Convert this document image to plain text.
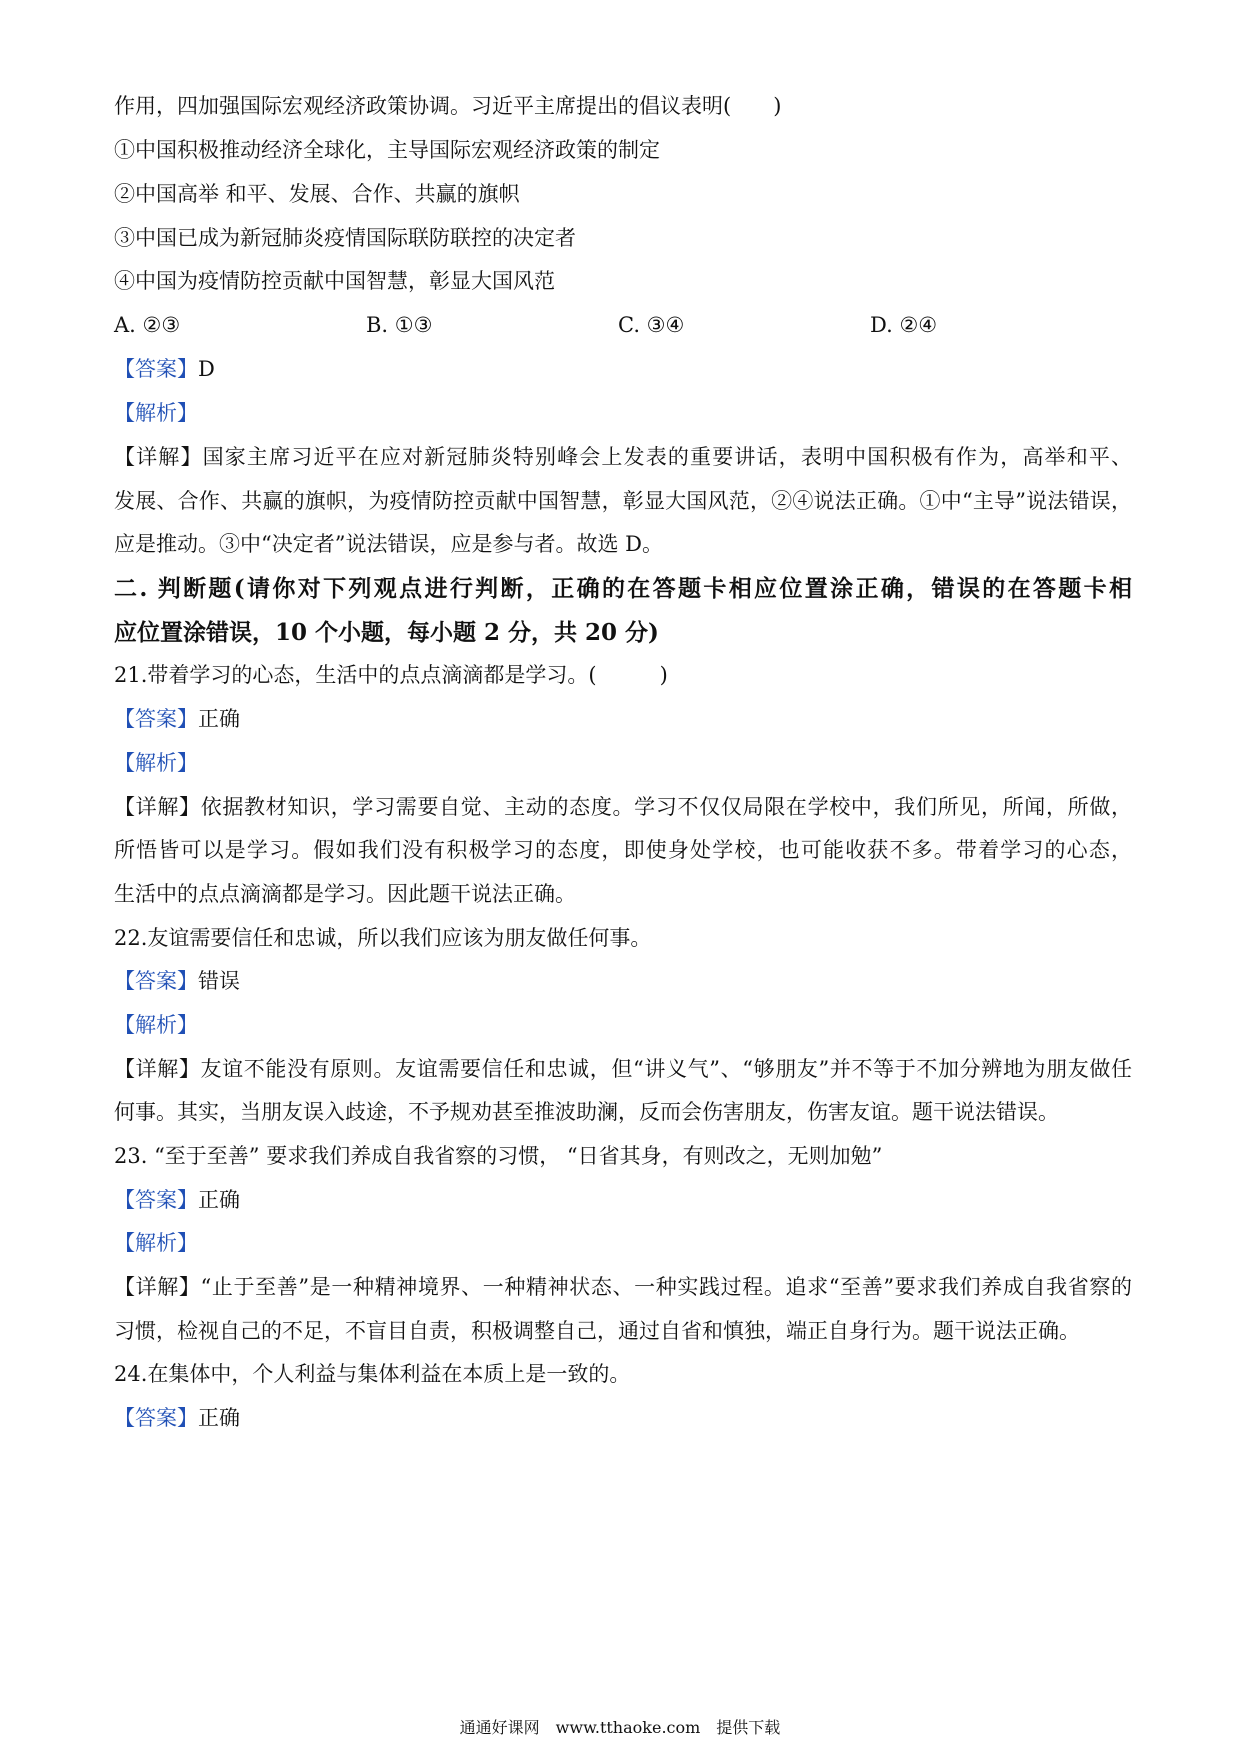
作用，四加强国际宏观经济政策协调。习近平主席提出的倡议表明(　　)
①中国积极推动经济全球化，主导国际宏观经济政策的制定
②中国高举 和平、发展、合作、共赢的旗帜
③中国已成为新冠肺炎疫情国际联防联控的决定者
④中国为疫情防控贡献中国智慧，彰显大国风范
A. ②③	B. ①③	C. ③④	D. ②④
【答案】D
【解析】
【详解】国家主席习近平在应对新冠肺炎特别峰会上发表的重要讲话，表明中国积极有作为，高举和平、
发展、合作、共赢的旗帜，为疫情防控贡献中国智慧，彰显大国风范，②④说法正确。①中“主导”说法错误，
应是推动。③中“决定者”说法错误，应是参与者。故选 D。
二. 判断题(请你对下列观点进行判断，正确的在答题卡相应位置涂正确，错误的在答题卡相
应位置涂错误，10 个小题，每小题 2 分，共 20 分)
21.带着学习的心态，生活中的点点滴滴都是学习。(　　　)
【答案】正确
【解析】
【详解】依据教材知识，学习需要自觉、主动的态度。学习不仅仅局限在学校中，我们所见，所闻，所做，
所悟皆可以是学习。假如我们没有积极学习的态度，即使身处学校，也可能收获不多。带着学习的心态，
生活中的点点滴滴都是学习。因此题干说法正确。
22.友谊需要信任和忠诚，所以我们应该为朋友做任何事。
【答案】错误
【解析】
【详解】友谊不能没有原则。友谊需要信任和忠诚，但“讲义气”、“够朋友”并不等于不加分辨地为朋友做任
何事。其实，当朋友误入歧途，不予规劝甚至推波助澜，反而会伤害朋友，伤害友谊。题干说法错误。
23. “至于至善” 要求我们养成自我省察的习惯， “日省其身，有则改之，无则加勉”
【答案】正确
【解析】
【详解】“止于至善”是一种精神境界、一种精神状态、一种实践过程。追求“至善”要求我们养成自我省察的
习惯，检视自己的不足，不盲目自责，积极调整自己，通过自省和慎独，端正自身行为。题干说法正确。
24.在集体中，个人利益与集体利益在本质上是一致的。
【答案】正确
通通好课网　www.tthaoke.com　提供下载
